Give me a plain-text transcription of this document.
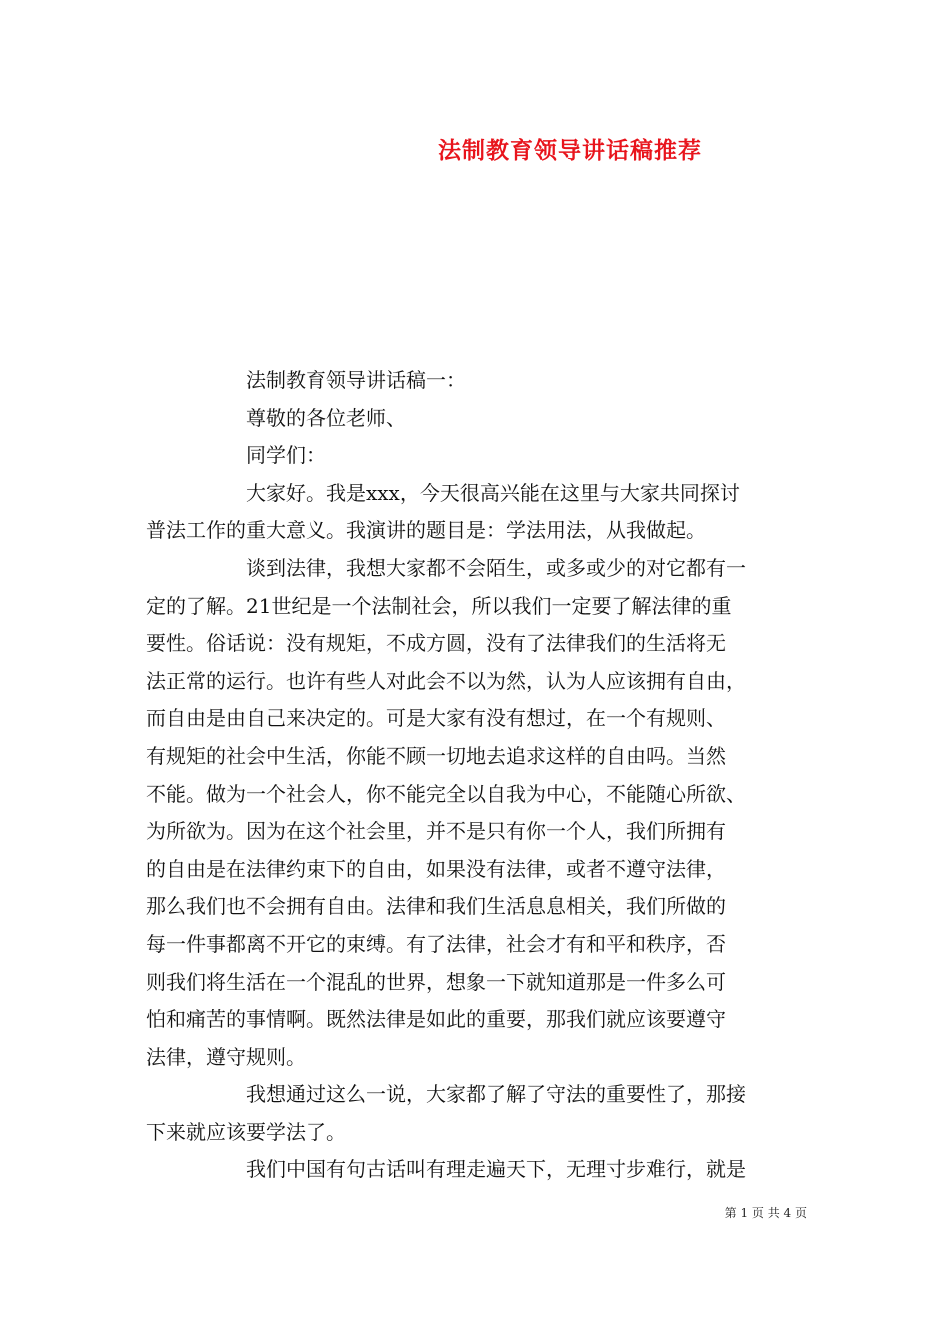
法制教育领导讲话稿推荐
法制教育领导讲话稿一：
尊敬的各位老师、
同学们：
大家好。我是xxx，今天很高兴能在这里与大家共同探讨
普法工作的重大意义。我演讲的题目是：学法用法，从我做起。
谈到法律，我想大家都不会陌生，或多或少的对它都有一
定的了解。21世纪是一个法制社会，所以我们一定要了解法律的重
要性。俗话说：没有规矩，不成方圆，没有了法律我们的生活将无
法正常的运行。也许有些人对此会不以为然，认为人应该拥有自由，
而自由是由自己来决定的。可是大家有没有想过，在一个有规则、
有规矩的社会中生活，你能不顾一切地去追求这样的自由吗。当然
不能。做为一个社会人，你不能完全以自我为中心，不能随心所欲、
为所欲为。因为在这个社会里，并不是只有你一个人，我们所拥有
的自由是在法律约束下的自由，如果没有法律，或者不遵守法律，
那么我们也不会拥有自由。法律和我们生活息息相关，我们所做的
每一件事都离不开它的束缚。有了法律，社会才有和平和秩序，否
则我们将生活在一个混乱的世界，想象一下就知道那是一件多么可
怕和痛苦的事情啊。既然法律是如此的重要，那我们就应该要遵守
法律，遵守规则。
我想通过这么一说，大家都了解了守法的重要性了，那接
下来就应该要学法了。
我们中国有句古话叫有理走遍天下，无理寸步难行，就是
第 1 页 共 4 页
